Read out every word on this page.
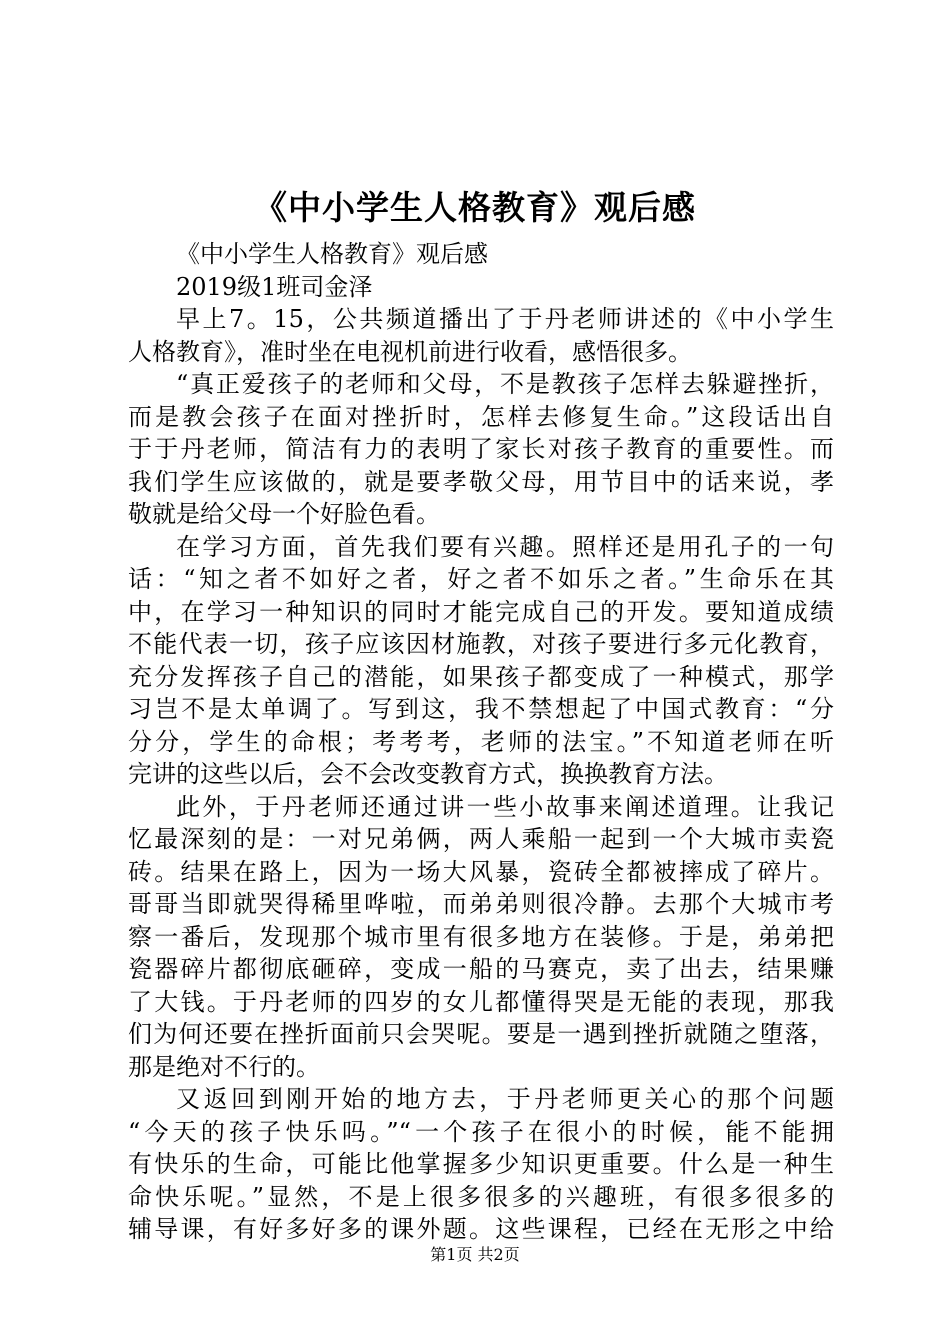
《中小学生人格教育》观后感
《中小学生人格教育》观后感
2019级1班司金泽
早上7。15，公共频道播出了于丹老师讲述的《中小学生
人格教育》，准时坐在电视机前进行收看，感悟很多。
“真正爱孩子的老师和父母，不是教孩子怎样去躲避挫折，
而是教会孩子在面对挫折时，怎样去修复生命。”这段话出自
于于丹老师，简洁有力的表明了家长对孩子教育的重要性。而
我们学生应该做的，就是要孝敬父母，用节目中的话来说，孝
敬就是给父母一个好脸色看。
在学习方面，首先我们要有兴趣。照样还是用孔子的一句
话：“知之者不如好之者，好之者不如乐之者。”生命乐在其
中，在学习一种知识的同时才能完成自己的开发。要知道成绩
不能代表一切，孩子应该因材施教，对孩子要进行多元化教育，
充分发挥孩子自己的潜能，如果孩子都变成了一种模式，那学
习岂不是太单调了。写到这，我不禁想起了中国式教育：“分
分分，学生的命根；考考考，老师的法宝。”不知道老师在听
完讲的这些以后，会不会改变教育方式，换换教育方法。
此外，于丹老师还通过讲一些小故事来阐述道理。让我记
忆最深刻的是：一对兄弟俩，两人乘船一起到一个大城市卖瓷
砖。结果在路上，因为一场大风暴，瓷砖全都被摔成了碎片。
哥哥当即就哭得稀里哗啦，而弟弟则很冷静。去那个大城市考
察一番后，发现那个城市里有很多地方在装修。于是，弟弟把
瓷器碎片都彻底砸碎，变成一船的马赛克，卖了出去，结果赚
了大钱。于丹老师的四岁的女儿都懂得哭是无能的表现，那我
们为何还要在挫折面前只会哭呢。要是一遇到挫折就随之堕落，
那是绝对不行的。
又返回到刚开始的地方去，于丹老师更关心的那个问题
“今天的孩子快乐吗。”“一个孩子在很小的时候，能不能拥
有快乐的生命，可能比他掌握多少知识更重要。什么是一种生
命快乐呢。”显然，不是上很多很多的兴趣班，有很多很多的
辅导课，有好多好多的课外题。这些课程，已经在无形之中给

第1页 共2页
